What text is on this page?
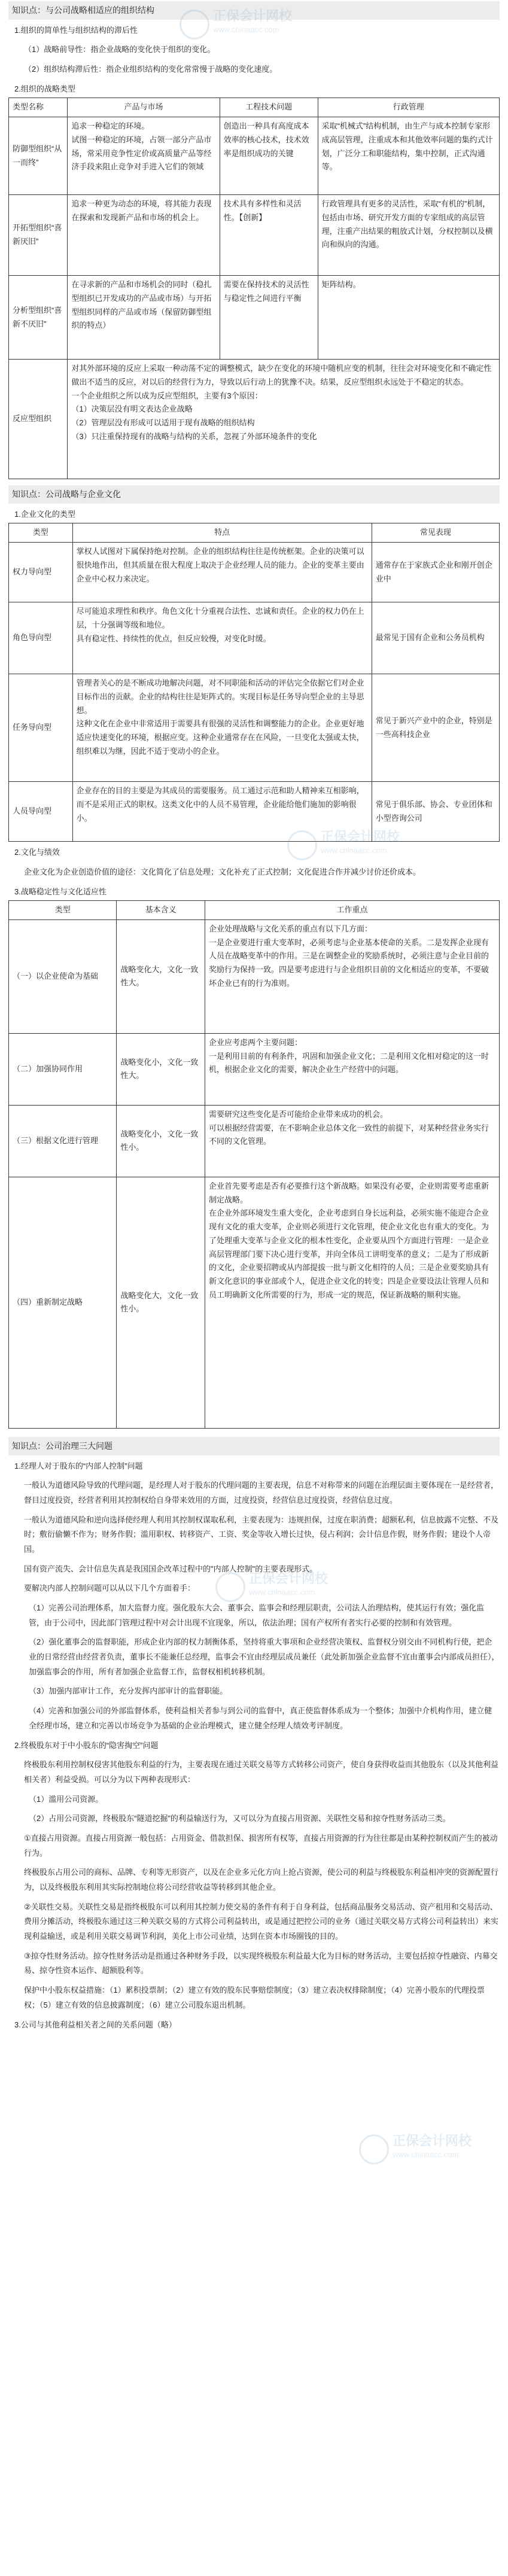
正保会计网校
www.chinaacc.com
正保会计网校
www.chinaacc.com
正保会计网校
www.chinaacc.com
正保会计网校
www.chinaacc.com
知识点：与公司战略相适应的组织结构
1.组织的简单性与组织结构的滞后性
（1）战略前导性：指企业战略的变化快于组织的变化。
（2）组织结构滞后性：指企业组织结构的变化常常慢于战略的变化速度。
2.组织的战略类型
类型名称	产品与市场	工程技术问题	行政管理
防御型组织“从一而终”	追求一种稳定的环境。
试图一种稳定的环境，占领一部分产品市场，常采用竞争性定价或高质量产品等经济手段来阻止竞争对手进入它们的领域	创造出一种具有高度成本效率的核心技术，技术效率是组织成功的关键	采取“机械式”结构机制，由生产与成本控制专家形成高层管理，注重成本和其他效率问题的集约式计划，广泛分工和职能结构，集中控制，正式沟通等。
开拓型组织“喜新厌旧”	追求一种更为动态的环境，将其能力表现在探索和发现新产品和市场的机会上。	技术具有多样性和灵活性。【创新】	行政管理具有更多的灵活性，采取“有机的”机制，包括由市场、研究开发方面的专家组成的高层管理，注重产出结果的粗放式计划，分权控制以及横向和纵向的沟通。
分析型组织“喜新不厌旧”	在寻求新的产品和市场机会的同时（稳扎型组织已开发成功的产品或市场）与开拓型组织同样的产品或市场（保留防御型组织的特点）	需要在保持技术的灵活性与稳定性之间进行平衡	矩阵结构。
反应型组织	对其外部环境的反应上采取一种动荡不定的调整模式，缺少在变化的环境中随机应变的机制，往往会对环境变化和不确定性做出不适当的反应，对以后的经营行为力，导致以后行动上的犹豫不决。结果，反应型组织永远处于不稳定的状态。
一个企业组织之所以成为反应型组织，主要有3个原因：
（1）决策层没有明文表达企业战略
（2）管理层没有形成可以适用于现有战略的组织结构
（3）只注重保持现有的战略与结构的关系，忽视了外部环境条件的变化		
知识点：公司战略与企业文化
1.企业文化的类型
类型	特点	常见表现
权力导向型	掌权人试图对下属保持绝对控制。企业的组织结构往往是传统框架。企业的决策可以很快地作出，但其质量在很大程度上取决于企业经理人员的能力。企业的变革主要由企业中心权力来决定。	通常存在于家族式企业和刚开创企业中
角色导向型	尽可能追求理性和秩序。角色文化十分重视合法性、忠诚和责任。企业的权力仍在上层，十分强调等级和地位。
具有稳定性、持续性的优点，但反应较慢，对变化时缓。	最常见于国有企业和公务员机构
任务导向型	管理者关心的是不断成功地解决问题，对不同职能和活动的评估完全依据它们对企业目标作出的贡献。企业的结构往往是矩阵式的。实现目标是任务导向型企业的主导思想。
这种文化在企业中非常适用于需要具有很强的灵活性和调整能力的企业。企业更好地适应快速变化的环境，根据应变。这种企业通常存在在风险，一旦变化太强或太快，组织难以为继，因此不适于变动小的企业。	常见于新兴产业中的企业，特别是一些高科技企业
人员导向型	企业存在的目的主要是为其成员的需要服务。员工通过示范和助人精神来互相影响，而不是采用正式的职权。这类文化中的人员不易管理，企业能给他们施加的影响很小。	常见于俱乐部、协会、专业团体和小型咨询公司
2.文化与绩效
企业文化为企业创造价值的途径：文化简化了信息处理；文化补充了正式控制；文化促进合作并减少讨价还价成本。
3.战略稳定性与文化适应性
类型	基本含义	工作重点
（一）以企业使命为基础	战略变化大，文化一致性大。	企业处理战略与文化关系的重点有以下几方面：
一是企业要进行重大变革时，必须考虑与企业基本使命的关系。二是发挥企业现有人员在战略变革中的作用。三是在调整企业的奖励系统时，必须注意与企业目前的奖励行为保持一致。四是要考虑进行与企业组织目前的文化相适应的变革，不要破坏企业已有的行为准则。
（二）加强协同作用	战略变化小，文化一致性大。	企业应考虑两个主要问题：
一是利用目前的有利条件，巩固和加强企业文化；二是利用文化相对稳定的这一时机，根据企业文化的需要，解决企业生产经营中的问题。
（三）根据文化进行管理	战略变化小，文化一致性小。	需要研究这些变化是否可能给企业带来成功的机会。
可以根据经营需要，在不影响企业总体文化一致性的前提下，对某种经营业务实行不同的文化管理。
（四）重新制定战略	战略变化大，文化一致性小。	企业首先要考虑是否有必要推行这个新战略。如果没有必要，企业则需要考虑重新制定战略。
在企业外部环境发生重大变化，企业考虑到自身长远利益，必须实施不能迎合企业现有文化的重大变革，企业则必须进行文化管理，使企业文化也有重大的变化。为了处理重大变革与企业文化的根本性变化，企业要从四个方面进行管理：一是企业高层管理部门要下决心进行变革，并向全体员工讲明变革的意义；二是为了形成新的文化，企业要招聘或从内部提拔一批与新文化相符的人员；三是企业要奖励具有新文化意识的事业部或个人，促进企业文化的转变；四是企业要设法让管理人员和员工明确新文化所需要的行为，形成一定的规范，保证新战略的顺利实施。
知识点：公司治理三大问题
1.经理人对于股东的“内部人控制”问题
一般认为道德风险导致的代理问题，是经理人对于股东的代理问题的主要表现，信息不对称带来的问题在治理层面主要体现在一是经营者，督目过度投资，经营者利用其控制权给自身带来效用的方面，过度投资，经营信息过度投资，经营信息过度。
一般认为道德风险和逆向选择使经理人利用其控制权谋取私利，主要表现为：违规担保，过度在职消费；超额私利，信息披露不完整、不及时；敷衍偷懒不作为；财务作假；滥用职权、转移资产、工资、奖金等收入增长过快，侵占利润；会计信息作假，财务作假；建设个人帝国。
国有资产流失、会计信息失真是我国国企改革过程中的"内部人控制"的主要表现形式。
要解决内部人控制问题可以从以下几个方面着手：
（1）完善公司治理体系，加大监督力度。强化股东大会、董事会、监事会和经理层职责，公司法人治理结构，使其运行有效；强化监管，由于公司中，因此部门管理过程中对会计出现不宜现象，所以，依法治理；国有产权所有者实行必要的控制和有效管理。
（2）强化董事会的监督职能，形成企业内部的权力制衡体系，坚持将重大事项和企业经营决策权、监督权分别交由不同机构行使，把企业的日常经营由经营者负责，董事长不能兼任总经理，监事会不宜由经理层成员兼任（此处新加强企业监督不宜由董事会内部成员担任），加强监事会的作用，所有者加强企业监督工作，监督权相机转移机制。
（3）加强内部审计工作，充分发挥内部审计的监督职能。
（4）完善和加强公司的外部监督体系，使利益相关者参与到公司的监督中，真正使监督体系成为一个整体；加强中介机构作用，建立健全经理市场，建立和完善以市场竞争为基础的企业治理模式，建立健全经理人绩效考评制度。
2.终极股东对于中小股东的“隐害掏空”问题
终极股东利用控制权侵害其他股东利益的行为，主要表现在通过关联交易等方式转移公司资产，使自身获得收益而其他股东（以及其他利益相关者）利益受损。可以分为以下两种表现形式：
（1）滥用公司资源。
（2）占用公司资源，终极股东“隧道挖掘”的利益输送行为，又可以分为直接占用资源、关联性交易和掠夺性财务活动三类。
①直接占用资源。直接占用资源一般包括：占用资金、借款担保、损害所有权等，直接占用资源的行为往往都是由某种控制权而产生的被动行为。
终极股东占用公司的商标、品牌、专利等无形资产，以及在企业多元化方向上抢占资源，使公司的利益与终极股东利益相冲突的资源配置行为，以及终极股东利用其实际控制地位将公司经营收益等转移到其他企业。
②关联性交易。关联性交易是指终极股东可以利用其控制力使交易的条件有利于自身利益，包括商品服务交易活动、资产租用和交易活动、费用分摊活动，终极股东通过这三种关联交易的方式将公司利益转出，或是通过把控公司的业务（通过关联交易方式将公司利益转出）来实现利益输送，或是利用关联交易调节利润，美化上市公司业绩，达到在资本市场圈钱的目的。
③掠夺性财务活动。掠夺性财务活动是指通过各种财务手段，以实现终极股东利益最大化为目标的财务活动，主要包括掠夺性融资、内幕交易、掠夺性资本运作、超额股利等。
保护中小股东权益措施：（1）累积投票制；（2）建立有效的股东民事赔偿制度；（3）建立表决权排除制度；（4）完善小股东的代理投票权；（5）建立有效的信息披露制度；（6）建立公司股东退出机制。
3.公司与其他利益相关者之间的关系问题（略）
